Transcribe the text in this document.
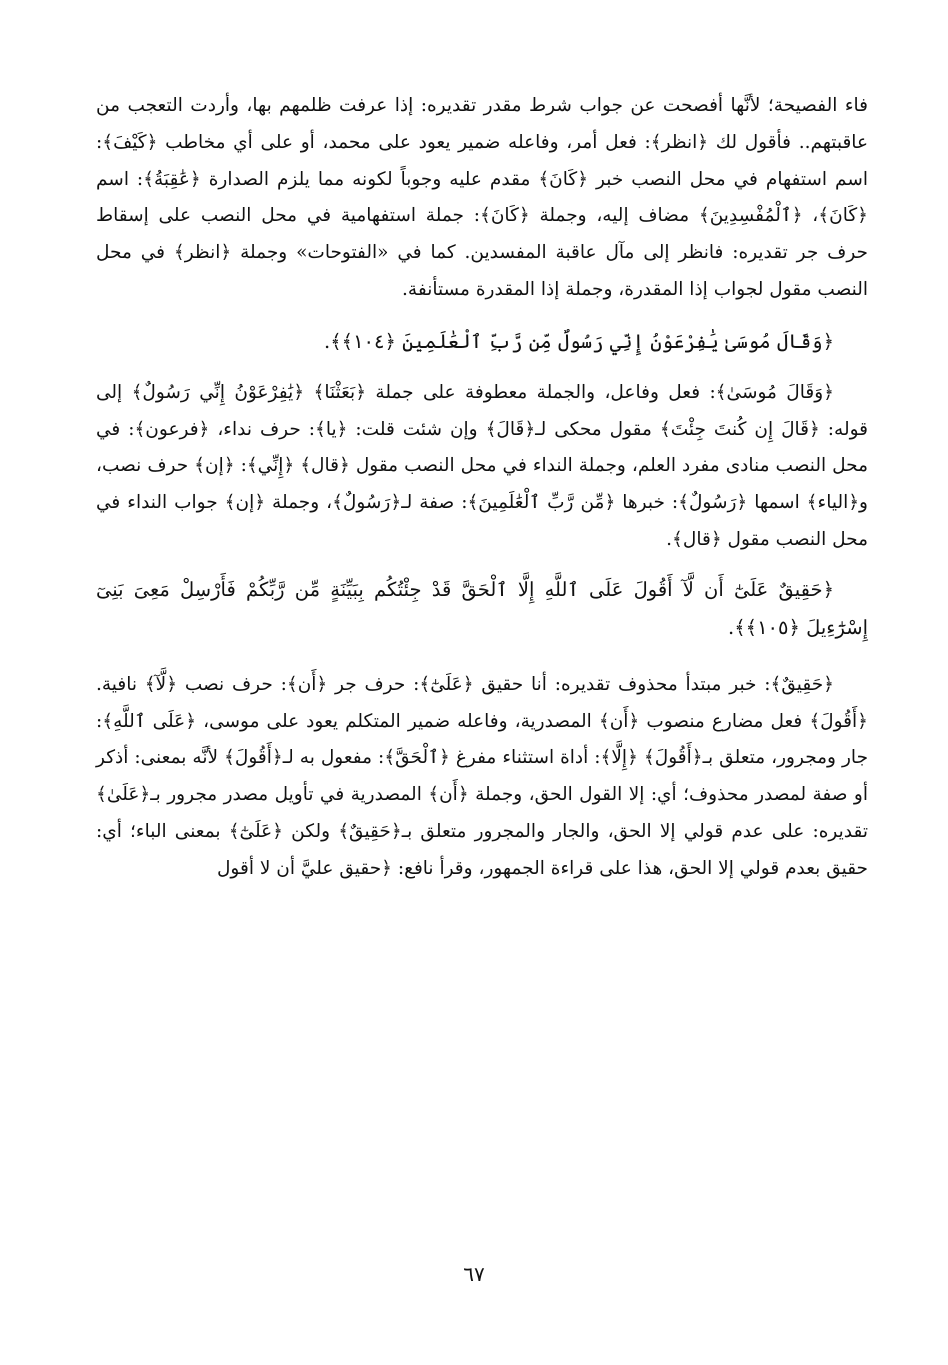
فاء الفصيحة؛ لأنَّها أفصحت عن جواب شرط مقدر تقديره: إذا عرفت ظلمهم بها، وأردت التعجب من عاقبتهم.. فأقول لك ﴿انظر﴾: فعل أمر، وفاعله ضمير يعود على محمد، أو على أي مخاطب ﴿كَيْفَ﴾: اسم استفهام في محل النصب خبر ﴿كَانَ﴾ مقدم عليه وجوباً لكونه مما يلزم الصدارة ﴿عَٰقِبَةُ﴾: اسم ﴿كَانَ﴾، ﴿ٱلْمُفْسِدِينَ﴾ مضاف إليه، وجملة ﴿كَانَ﴾: جملة استفهامية في محل النصب على إسقاط حرف جر تقديره: فانظر إلى مآل عاقبة المفسدين. كما في «الفتوحات» وجملة ﴿انظر﴾ في محل النصب مقول لجواب إذا المقدرة، وجملة إذا المقدرة مستأنفة.

﴿وَقَالَ مُوسَىٰ يَٰفِرْعَوْنُ إِنِّي رَسُولٌ مِّن رَّبِّ ٱلْعَٰلَمِينَ ﴿١٠٤﴾﴾.

﴿وَقَالَ مُوسَىٰ﴾: فعل وفاعل، والجملة معطوفة على جملة ﴿بَعَثْنَا﴾ ﴿يَٰفِرْعَوْنُ إِنِّي رَسُولٌ﴾ إلى قوله: ﴿قَالَ إِن كُنتَ جِئْتَ﴾ مقول محكى لـ﴿قَالَ﴾ وإن شئت قلت: ﴿يا﴾: حرف نداء، ﴿فرعون﴾: في محل النصب منادى مفرد العلم، وجملة النداء في محل النصب مقول ﴿قال﴾ ﴿إِنِّي﴾: ﴿إن﴾ حرف نصب، و﴿الياء﴾ اسمها ﴿رَسُولٌ﴾: خبرها ﴿مِّن رَّبِّ ٱلْعَٰلَمِينَ﴾: صفة لـ﴿رَسُولٌ﴾، وجملة ﴿إن﴾ جواب النداء في محل النصب مقول ﴿قال﴾.

﴿حَقِيقٌ عَلَىٰٓ أَن لَّآ أَقُولَ عَلَى ٱللَّهِ إِلَّا ٱلْحَقَّ قَدْ جِئْتُكُم بِبَيِّنَةٍ مِّن رَّبِّكُمْ فَأَرْسِلْ مَعِىَ بَنِىٓ إِسْرَٰٓءِيلَ ﴿١٠٥﴾﴾.

﴿حَقِيقٌ﴾: خبر مبتدأ محذوف تقديره: أنا حقيق ﴿عَلَىٰٓ﴾: حرف جر ﴿أَن﴾: حرف نصب ﴿لَّآ﴾ نافية. ﴿أَقُولَ﴾ فعل مضارع منصوب ﴿أَن﴾ المصدرية، وفاعله ضمير المتكلم يعود على موسى، ﴿عَلَى ٱللَّهِ﴾: جار ومجرور، متعلق بـ﴿أَقُولَ﴾ ﴿إِلَّا﴾: أداة استثناء مفرغ ﴿ٱلْحَقَّ﴾: مفعول به لـ﴿أَقُولَ﴾ لأنَّه بمعنى: أذكر أو صفة لمصدر محذوف؛ أي: إلا القول الحق، وجملة ﴿أَن﴾ المصدرية في تأويل مصدر مجرور بـ﴿عَلَىٰ﴾ تقديره: على عدم قولي إلا الحق، والجار والمجرور متعلق بـ﴿حَقِيقٌ﴾ ولكن ﴿عَلَىٰٓ﴾ بمعنى الباء؛ أي: حقيق بعدم قولي إلا الحق، هذا على قراءة الجمهور، وقرأ نافع: ﴿حقيق عليَّ أن لا أقول

٦٧
